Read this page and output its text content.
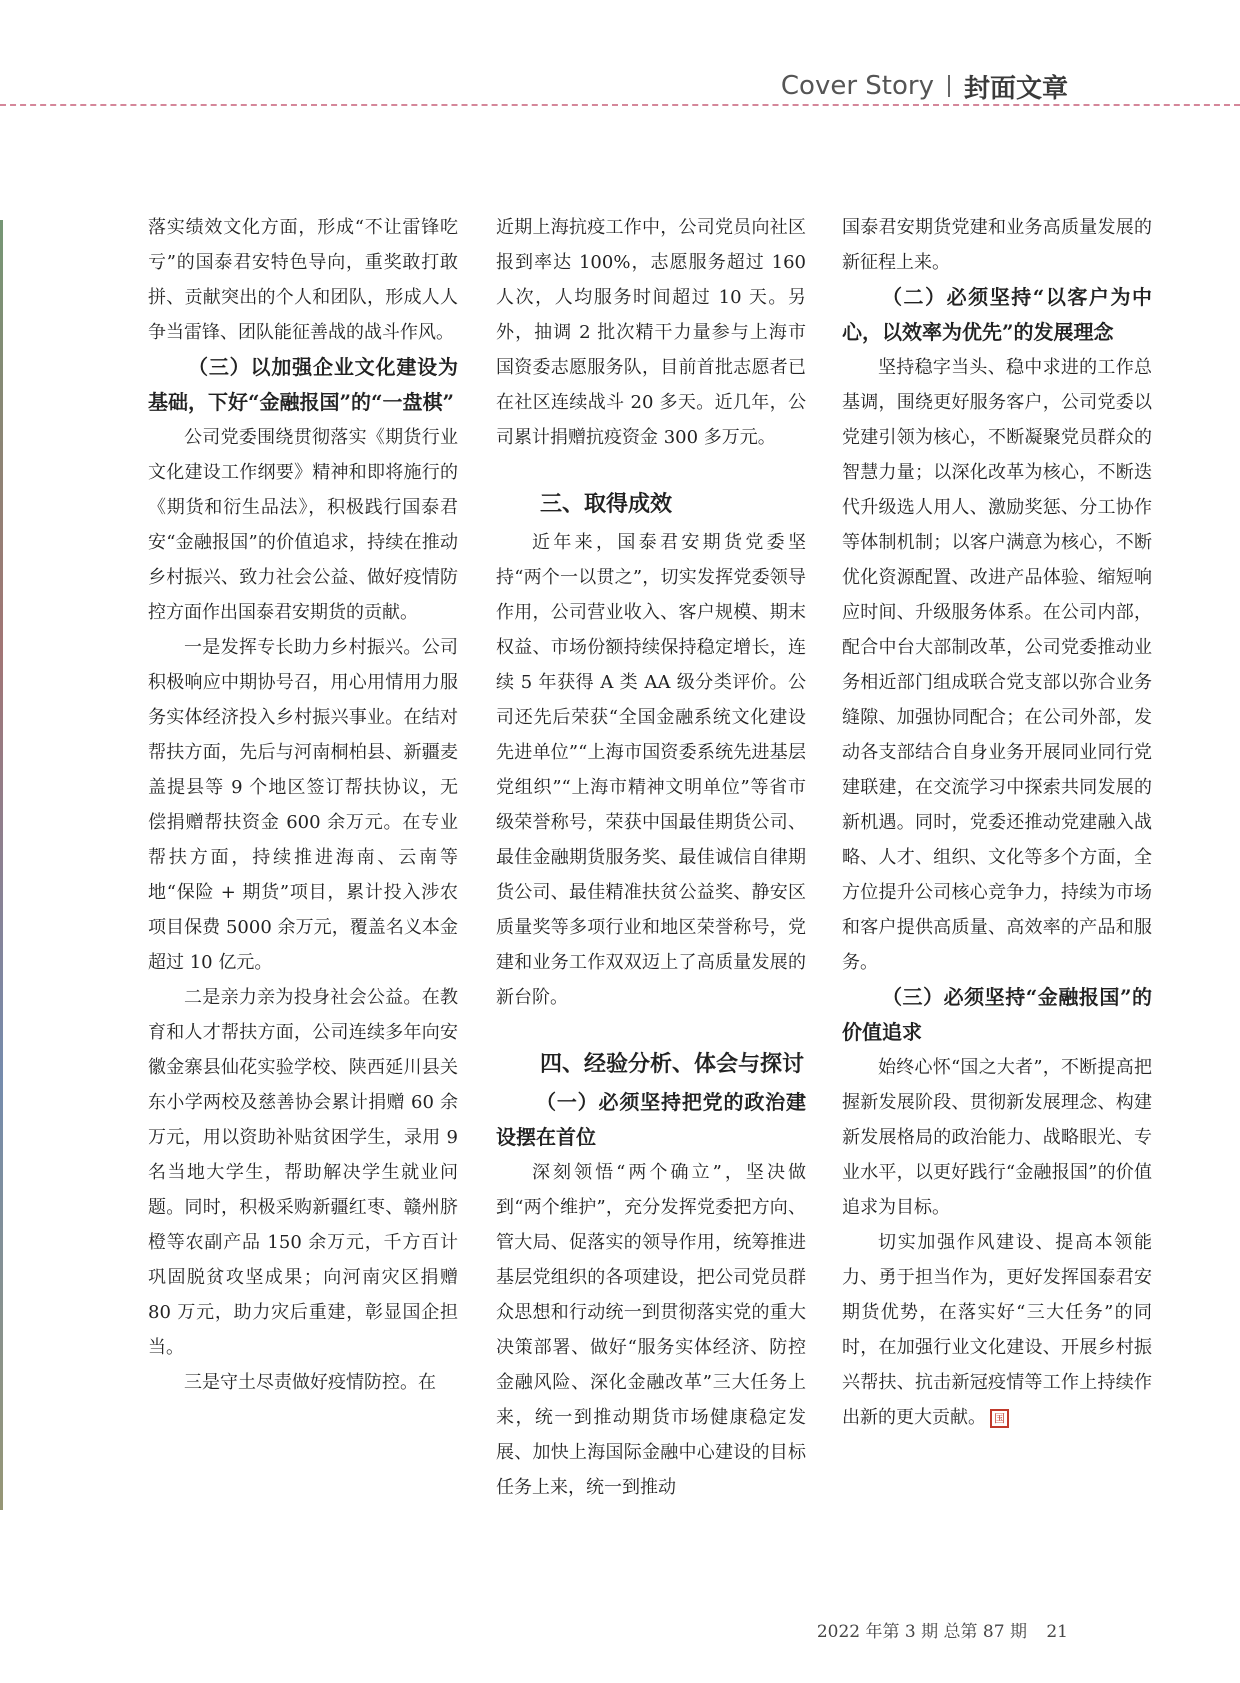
Cover Story 封面文章

落实绩效文化方面，形成“不让雷锋吃亏”的国泰君安特色导向，重奖敢打敢拼、贡献突出的个人和团队，形成人人争当雷锋、团队能征善战的战斗作风。

（三）以加强企业文化建设为基础，下好“金融报国”的“一盘棋”

公司党委围绕贯彻落实《期货行业文化建设工作纲要》精神和即将施行的《期货和衍生品法》，积极践行国泰君安“金融报国”的价值追求，持续在推动乡村振兴、致力社会公益、做好疫情防控方面作出国泰君安期货的贡献。

一是发挥专长助力乡村振兴。公司积极响应中期协号召，用心用情用力服务实体经济投入乡村振兴事业。在结对帮扶方面，先后与河南桐柏县、新疆麦盖提县等 9 个地区签订帮扶协议，无偿捐赠帮扶资金 600 余万元。在专业帮扶方面，持续推进海南、云南等地“保险 + 期货”项目，累计投入涉农项目保费 5000 余万元，覆盖名义本金超过 10 亿元。

二是亲力亲为投身社会公益。在教育和人才帮扶方面，公司连续多年向安徽金寨县仙花实验学校、陕西延川县关东小学两校及慈善协会累计捐赠 60 余万元，用以资助补贴贫困学生，录用 9 名当地大学生，帮助解决学生就业问题。同时，积极采购新疆红枣、赣州脐橙等农副产品 150 余万元，千方百计巩固脱贫攻坚成果；向河南灾区捐赠 80 万元，助力灾后重建，彰显国企担当。

三是守土尽责做好疫情防控。在

近期上海抗疫工作中，公司党员向社区报到率达 100%，志愿服务超过 160 人次，人均服务时间超过 10 天。另外，抽调 2 批次精干力量参与上海市国资委志愿服务队，目前首批志愿者已在社区连续战斗 20 多天。近几年，公司累计捐赠抗疫资金 300 多万元。

三、取得成效

近年来，国泰君安期货党委坚持“两个一以贯之”，切实发挥党委领导作用，公司营业收入、客户规模、期末权益、市场份额持续保持稳定增长，连续 5 年获得 A 类 AA 级分类评价。公司还先后荣获“全国金融系统文化建设先进单位”“上海市国资委系统先进基层党组织”“上海市精神文明单位”等省市级荣誉称号，荣获中国最佳期货公司、最佳金融期货服务奖、最佳诚信自律期货公司、最佳精准扶贫公益奖、静安区质量奖等多项行业和地区荣誉称号，党建和业务工作双双迈上了高质量发展的新台阶。

四、经验分析、体会与探讨

（一）必须坚持把党的政治建设摆在首位

深刻领悟“两个确立”，坚决做到“两个维护”，充分发挥党委把方向、管大局、促落实的领导作用，统筹推进基层党组织的各项建设，把公司党员群众思想和行动统一到贯彻落实党的重大决策部署、做好“服务实体经济、防控金融风险、深化金融改革”三大任务上来，统一到推动期货市场健康稳定发展、加快上海国际金融中心建设的目标任务上来，统一到推动

国泰君安期货党建和业务高质量发展的新征程上来。

（二）必须坚持“以客户为中心，以效率为优先”的发展理念

坚持稳字当头、稳中求进的工作总基调，围绕更好服务客户，公司党委以党建引领为核心，不断凝聚党员群众的智慧力量；以深化改革为核心，不断迭代升级选人用人、激励奖惩、分工协作等体制机制；以客户满意为核心，不断优化资源配置、改进产品体验、缩短响应时间、升级服务体系。在公司内部，配合中台大部制改革，公司党委推动业务相近部门组成联合党支部以弥合业务缝隙、加强协同配合；在公司外部，发动各支部结合自身业务开展同业同行党建联建，在交流学习中探索共同发展的新机遇。同时，党委还推动党建融入战略、人才、组织、文化等多个方面，全方位提升公司核心竞争力，持续为市场和客户提供高质量、高效率的产品和服务。

（三）必须坚持“金融报国”的价值追求

始终心怀“国之大者”，不断提高把握新发展阶段、贯彻新发展理念、构建新发展格局的政治能力、战略眼光、专业水平，以更好践行“金融报国”的价值追求为目标。

切实加强作风建设、提高本领能力、勇于担当作为，更好发挥国泰君安期货优势，在落实好“三大任务”的同时，在加强行业文化建设、开展乡村振兴帮扶、抗击新冠疫情等工作上持续作出新的更大贡献。 国

2022 年第 3 期 总第 87 期 21
